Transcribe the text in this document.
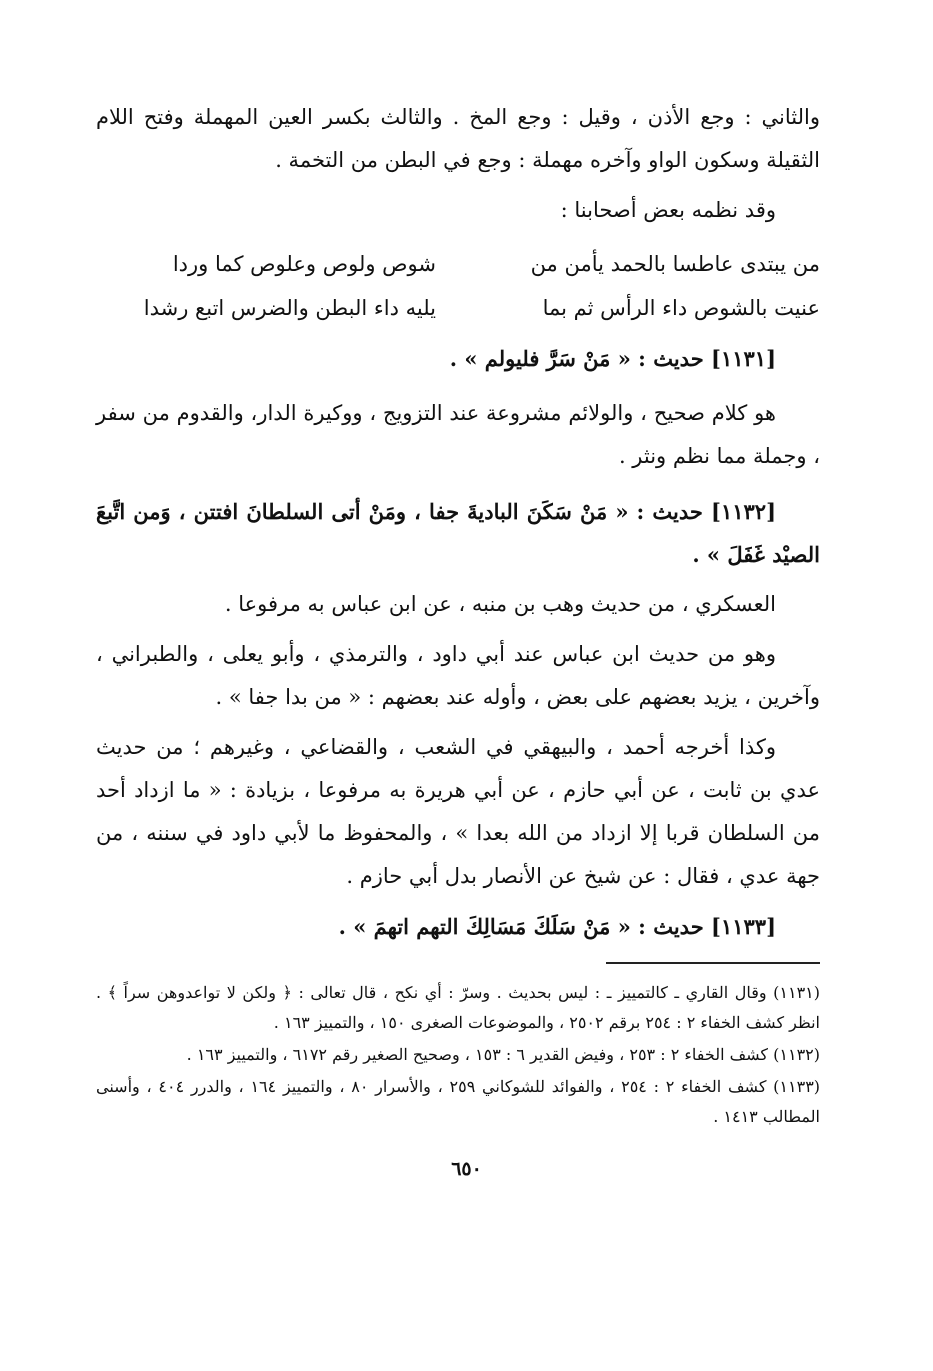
والثاني : وجع الأذن ، وقيل : وجع المخ . والثالث بكسر العين المهملة وفتح اللام الثقيلة وسكون الواو وآخره مهملة : وجع في البطن من التخمة .

وقد نظمه بعض أصحابنا :

من يبتدى عاطسا بالحمد يأمن من
شوص ولوص وعلوص كما وردا
عنيت بالشوص داء الرأس ثم بما
يليه داء البطن والضرس اتبع رشدا

[١١٣١] حديث : « مَنْ سَرَّ فليولم » .

هو كلام صحيح ، والولائم مشروعة عند التزويج ، ووكيرة الدار، والقدوم من سفر ، وجملة مما نظم ونثر .

[١١٣٢] حديث : « مَنْ سَكَنَ الباديةَ جفا ، ومَنْ أتى السلطانَ افتتن ، وَمن اتَّبعَ الصيْد غَفَلَ » .

العسكري ، من حديث وهب بن منبه ، عن ابن عباس به مرفوعا .

وهو من حديث ابن عباس عند أبي داود ، والترمذي ، وأبو يعلى ، والطبراني ، وآخرين ، يزيد بعضهم على بعض ، وأوله عند بعضهم : « من بدا جفا » .

وكذا أخرجه أحمد ، والبيهقي في الشعب ، والقضاعي ، وغيرهم ؛ من حديث عدي بن ثابت ، عن أبي حازم ، عن أبي هريرة به مرفوعا ، بزيادة : « ما ازداد أحد من السلطان قربا إلا ازداد من الله بعدا » ، والمحفوظ ما لأبي داود في سننه ، من جهة عدي ، فقال : عن شيخ عن الأنصار بدل أبي حازم .

[١١٣٣] حديث : « مَنْ سَلَكَ مَسَالِكَ التهم اتهمَ » .

(١١٣١) وقال القاري ـ كالتمييز ـ : ليس بحديث . وسرّ : أي نكح ، قال تعالى : ﴿ ولكن لا تواعدوهن سراً ﴾ . انظر كشف الخفاء ٢ : ٢٥٤ برقم ٢٥٠٢ ، والموضوعات الصغرى ١٥٠ ، والتمييز ١٦٣ .

(١١٣٢) كشف الخفاء ٢ : ٢٥٣ ، وفيض القدير ٦ : ١٥٣ ، وصحيح الصغير رقم ٦١٧٢ ، والتمييز ١٦٣ .

(١١٣٣) كشف الخفاء ٢ : ٢٥٤ ، والفوائد للشوكاني ٢٥٩ ، والأسرار ٨٠ ، والتمييز ١٦٤ ، والدرر ٤٠٤ ، وأسنى المطالب ١٤١٣ .

٦٥٠
